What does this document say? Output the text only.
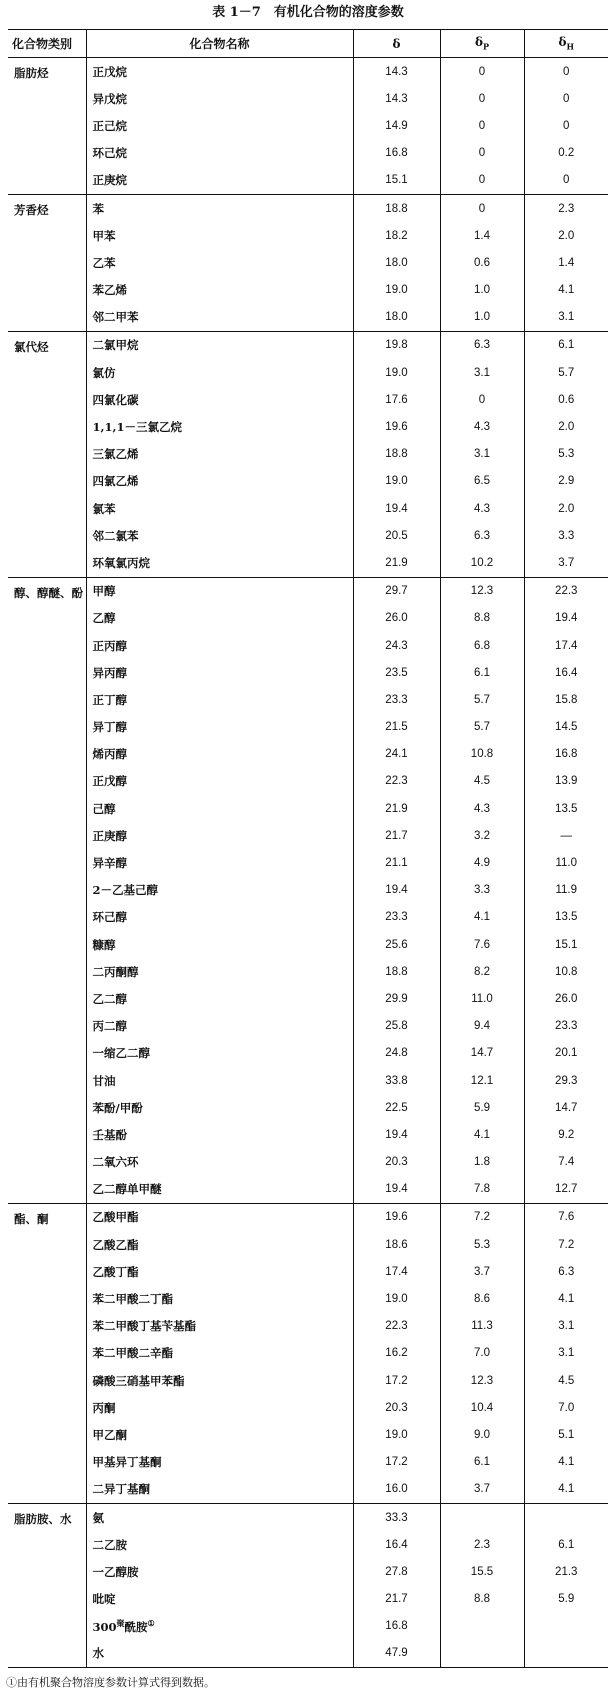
表 1－7　有机化合物的溶度参数
化合物类别	化合物名称	δ	$\delta_P$	$\delta_H$
脂肪烃	正戊烷	14.3	0	0
	异戊烷	14.3	0	0
	正己烷	14.9	0	0
	环己烷	16.8	0	0.2
	正庚烷	15.1	0	0
芳香烃	苯	18.8	0	2.3
	甲苯	18.2	1.4	2.0
	乙苯	18.0	0.6	1.4
	苯乙烯	19.0	1.0	4.1
	邻二甲苯	18.0	1.0	3.1
氯代烃	二氯甲烷	19.8	6.3	6.1
	氯仿	19.0	3.1	5.7
	四氯化碳	17.6	0	0.6
	1,1,1－三氯乙烷	19.6	4.3	2.0
	三氯乙烯	18.8	3.1	5.3
	四氯乙烯	19.0	6.5	2.9
	氯苯	19.4	4.3	2.0
	邻二氯苯	20.5	6.3	3.3
	环氧氯丙烷	21.9	10.2	3.7
醇、醇醚、酚	甲醇	29.7	12.3	22.3
	乙醇	26.0	8.8	19.4
	正丙醇	24.3	6.8	17.4
	异丙醇	23.5	6.1	16.4
	正丁醇	23.3	5.7	15.8
	异丁醇	21.5	5.7	14.5
	烯丙醇	24.1	10.8	16.8
	正戊醇	22.3	4.5	13.9
	己醇	21.9	4.3	13.5
	正庚醇	21.7	3.2	—
	异辛醇	21.1	4.9	11.0
	2－乙基己醇	19.4	3.3	11.9
	环己醇	23.3	4.1	13.5
	糠醇	25.6	7.6	15.1
	二丙酮醇	18.8	8.2	10.8
	乙二醇	29.9	11.0	26.0
	丙二醇	25.8	9.4	23.3
	一缩乙二醇	24.8	14.7	20.1
	甘油	33.8	12.1	29.3
	苯酚/甲酚	22.5	5.9	14.7
	壬基酚	19.4	4.1	9.2
	二氧六环	20.3	1.8	7.4
	乙二醇单甲醚	19.4	7.8	12.7
酯、酮	乙酸甲酯	19.6	7.2	7.6
	乙酸乙酯	18.6	5.3	7.2
	乙酸丁酯	17.4	3.7	6.3
	苯二甲酸二丁酯	19.0	8.6	4.1
	苯二甲酸丁基苄基酯	22.3	11.3	3.1
	苯二甲酸二辛酯	16.2	7.0	3.1
	磷酸三硝基甲苯酯	17.2	12.3	4.5
	丙酮	20.3	10.4	7.0
	甲乙酮	19.0	9.0	5.1
	甲基异丁基酮	17.2	6.1	4.1
	二异丁基酮	16.0	3.7	4.1
脂肪胺、水	氨	33.3		
	二乙胺	16.4	2.3	6.1
	一乙醇胺	27.8	15.5	21.3
	吡啶	21.7	8.8	5.9
	$300^聚$酰胺①	16.8		
	水	47.9		
①由有机聚合物溶度参数计算式得到数据。
